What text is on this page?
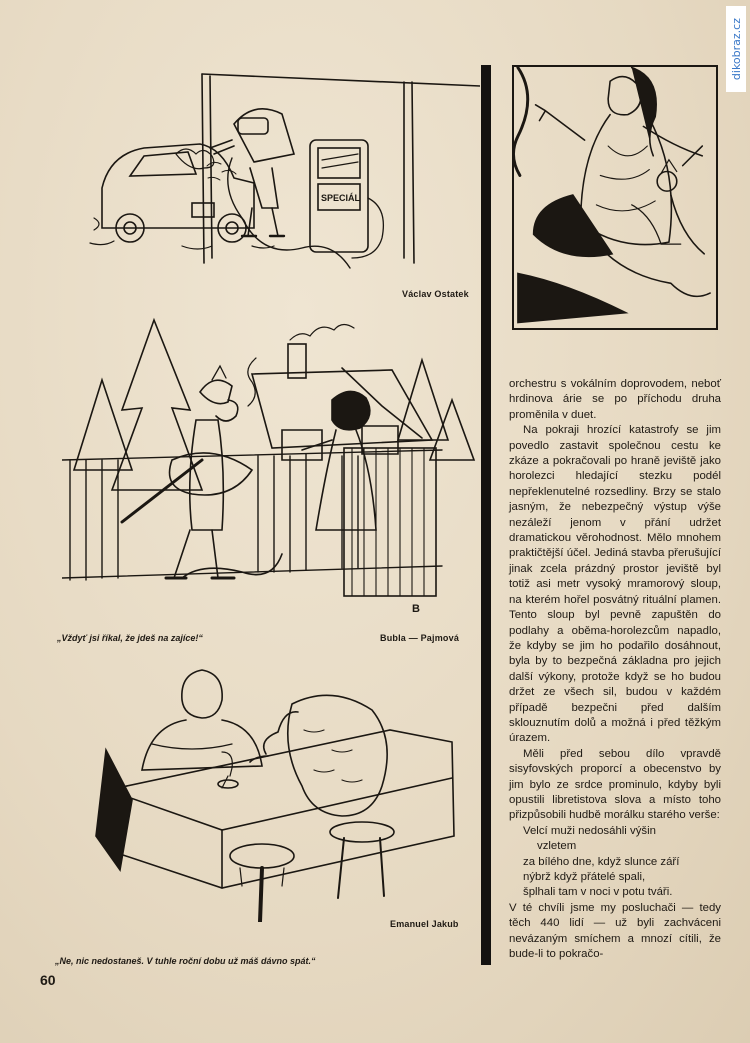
dikobraz.cz
SPECIÁL
Václav Ostatek
B
„Vždyť jsi říkal, že jdeš na zajíce!“	Bubla — Pajmová
Emanuel Jakub
„Ne, nic nedostaneš. V tuhle roční dobu už máš dávno spát.“

orchestru s vokálním doprovodem, neboť hrdinova árie se po příchodu druha proměnila v duet.

Na pokraji hrozící katastrofy se jim povedlo zastavit společnou cestu ke zkáze a pokračovali po hraně jeviště jako horolezci hledající stezku podél nepřeklenutelné rozsedliny. Brzy se stalo jasným, že nebezpečný výstup výše nezáleží jenom v přání udržet dramatickou věrohodnost. Mělo mnohem praktičtější účel. Jediná stavba přerušující jinak zcela prázdný prostor jeviště byl totiž asi metr vysoký mramorový sloup, na kterém hořel posvátný rituální plamen. Tento sloup byl pevně zapuštěn do podlahy a oběma-horolezcům napadlo, že kdyby se jim ho podařilo dosáhnout, byla by to bezpečná základna pro jejich další výkony, protože když se ho budou držet ze všech sil, budou v každém případě bezpečni před dalším sklouznutím dolů a možná i před těžkým úrazem.

Měli před sebou dílo vpravdě sisyfovských proporcí a obecenstvo by jim bylo ze srdce prominulo, kdyby byli opustili libretistova slova a místo toho přizpůsobili hudbě morálku starého verše:

Velcí muži nedosáhli výšin
vzletem
za bílého dne, když slunce září
nýbrž když přátelé spali,
šplhali tam v noci v potu tváři.

V té chvíli jsme my posluchači — tedy těch 440 lidí — už byli zachváceni nevázaným smíchem a mnozí cítili, že bude-li to pokračo-

60
